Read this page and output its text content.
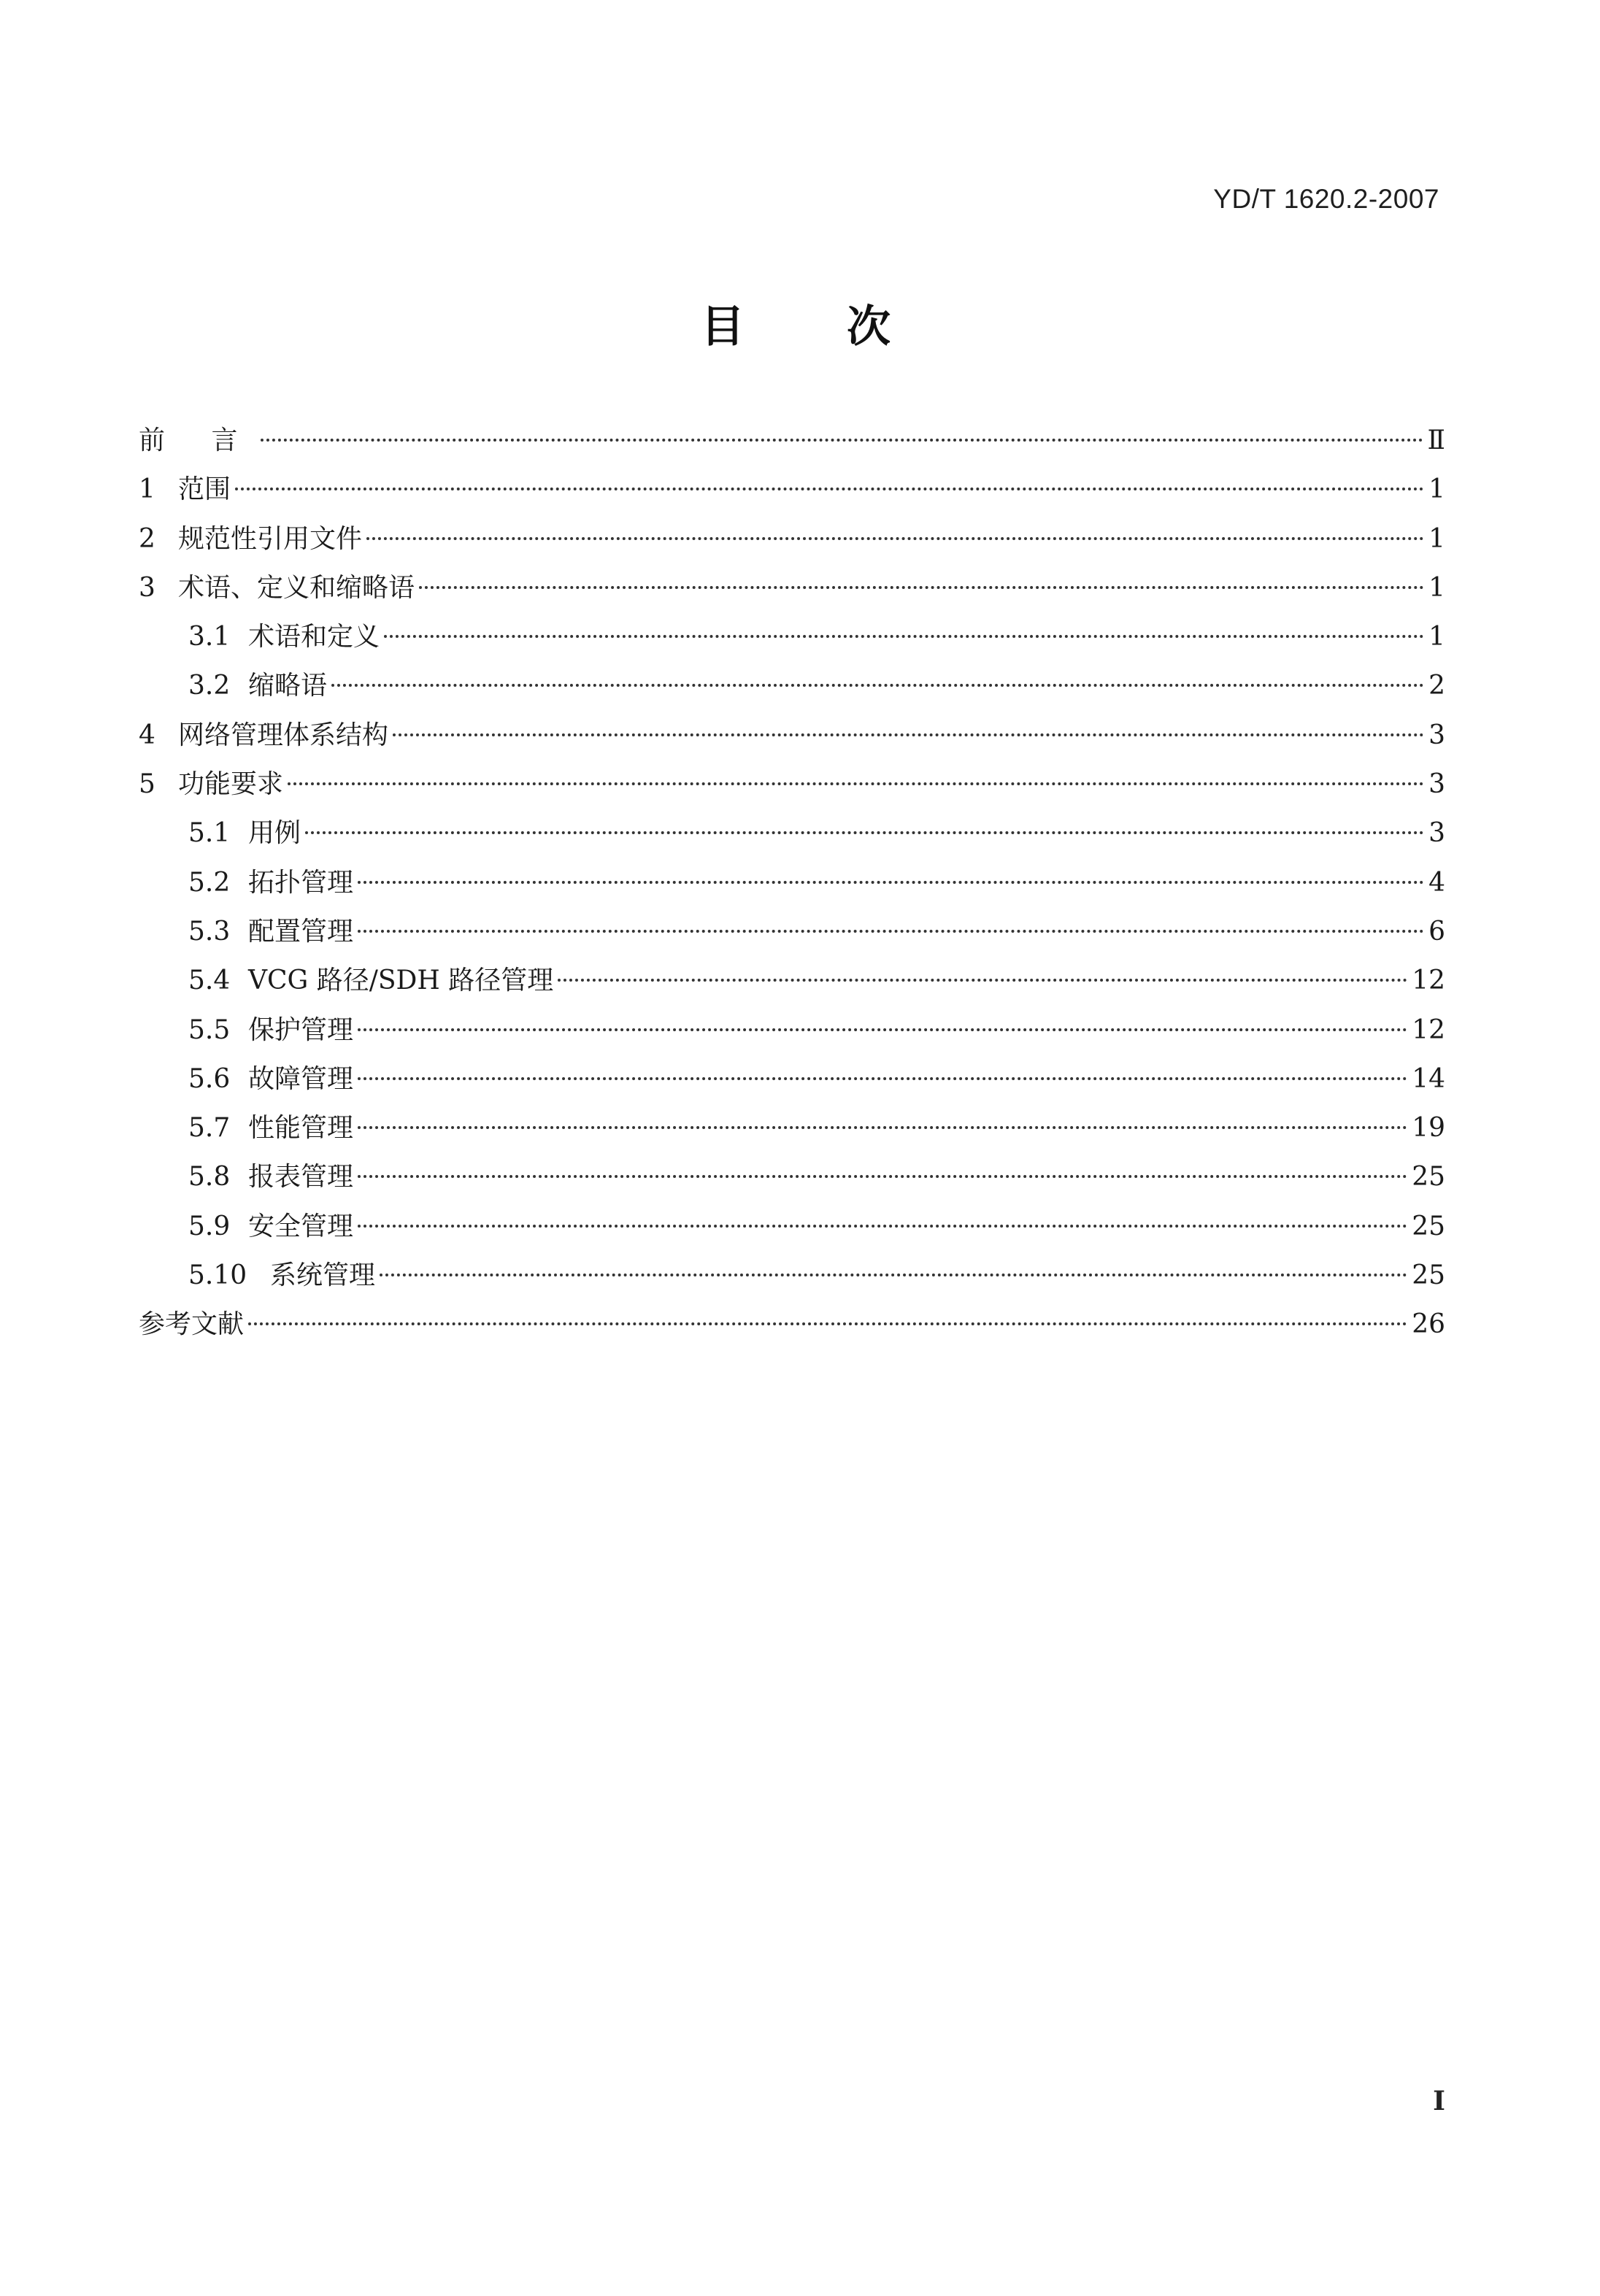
YD/T 1620.2-2007
目 次
前 言	Ⅱ
1 范围	1
2 规范性引用文件	1
3 术语、定义和缩略语	1
3.1 术语和定义	1
3.2 缩略语	2
4 网络管理体系结构	3
5 功能要求	3
5.1 用例	3
5.2 拓扑管理	4
5.3 配置管理	6
5.4 VCG 路径/SDH 路径管理	12
5.5 保护管理	12
5.6 故障管理	14
5.7 性能管理	19
5.8 报表管理	25
5.9 安全管理	25
5.10 系统管理	25
参考文献	26
I
